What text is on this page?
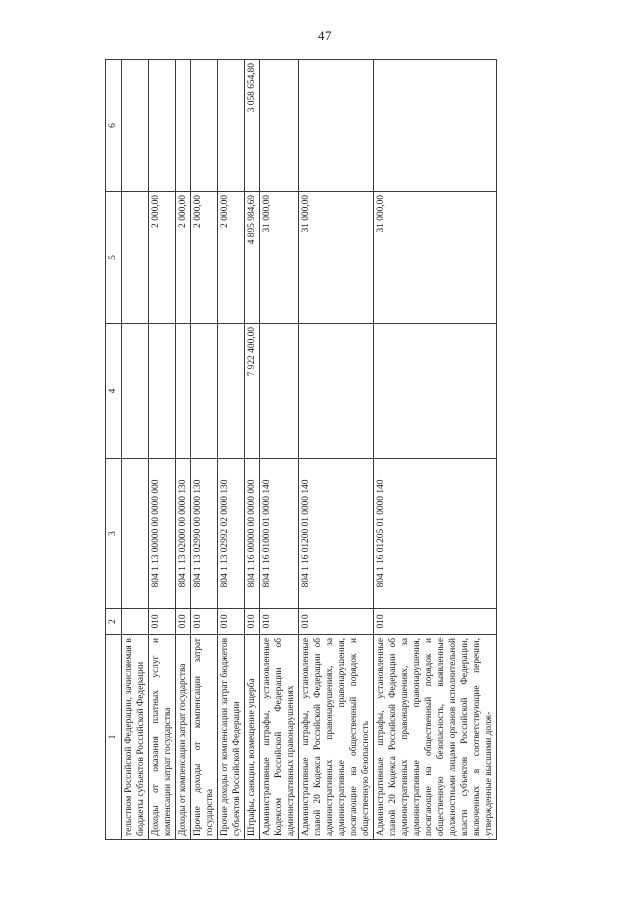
47
1	2	3	4	5	6
тельством Российской Федерации, зачисляемая в бюджеты субъектов Российской Федерации					
Доходы от оказания платных услуг и компенсации затрат государства	010	804 1 13 00000 00 0000 000		2 000,00	
Доходы от компенсации затрат государства	010	804 1 13 02000 00 0000 130		2 000,00	
Прочие доходы от компенсации затрат государства	010	804 1 13 02990 00 0000 130		2 000,00	
Прочие доходы от компенсации затрат бюджетов субъектов Российской Федерации	010	804 1 13 02992 02 0000 130		2 000,00	
Штрафы, санкции, возмещение ущерба	010	804 1 16 00000 00 0000 000	7 922 400,00	4 895 984,69	3 058 654,80
Административные штрафы, установленные Кодексом Российской Федерации об административных правонарушениях	010	804 1 16 01000 01 0000 140		31 000,00	
Административные штрафы, установленные главой 20 Кодекса Российской Федерации об административных правонарушениях, за административные правонарушения, посягающие на общественный порядок и общественную безопасность	010	804 1 16 01200 01 0000 140		31 000,00	
Административные штрафы, установленные главой 20 Кодекса Российской Федерации об административных правонарушениях, за административные правонарушения, посягающие на общественный порядок и общественную безопасность, выявленные должностными лицами органов исполнительной власти субъектов Российской Федерации, включенных в соответствующие перечни, утвержденные высшими долж-	010	804 1 16 01205 01 0000 140		31 000,00	
